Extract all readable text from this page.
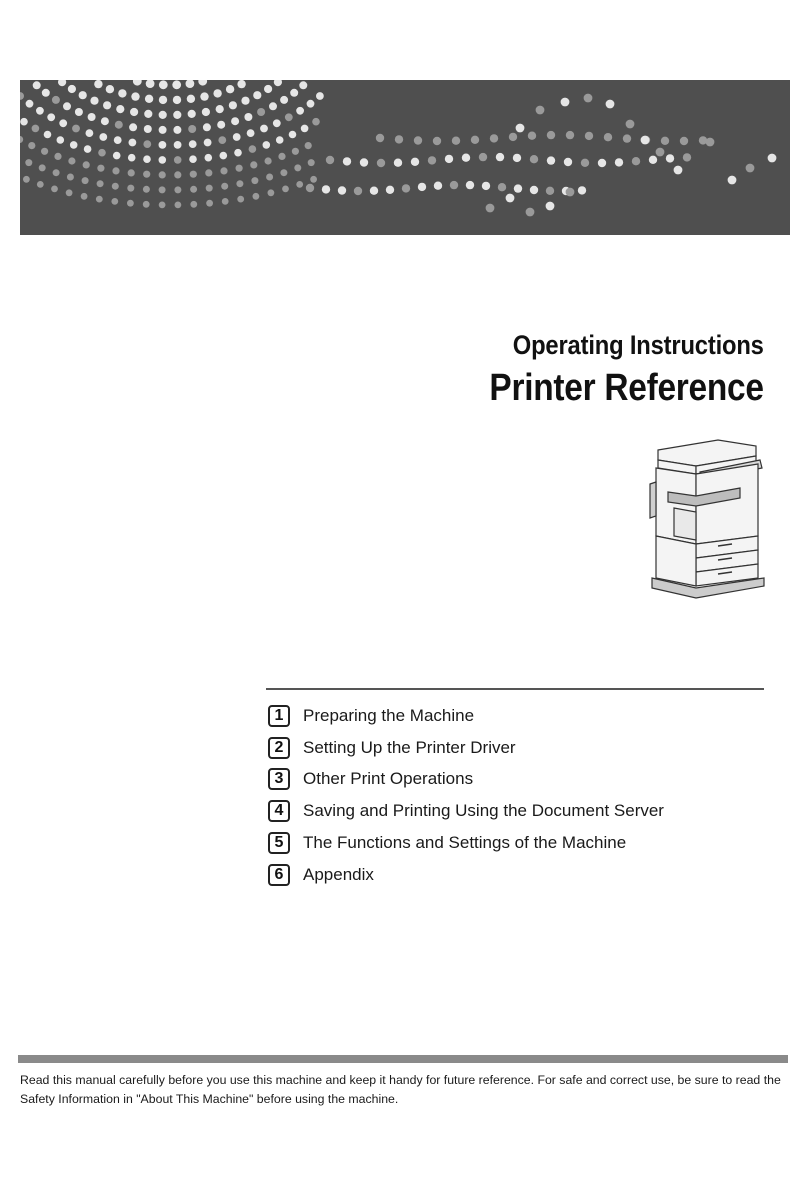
Operating Instructions
Printer Reference
1	Preparing the Machine
2	Setting Up the Printer Driver
3	Other Print Operations
4	Saving and Printing Using the Document Server
5	The Functions and Settings of the Machine
6	Appendix
Read this manual carefully before you use this machine and keep it handy for future reference. For safe and correct use, be sure to read the Safety Information in "About This Machine" before using the machine.
